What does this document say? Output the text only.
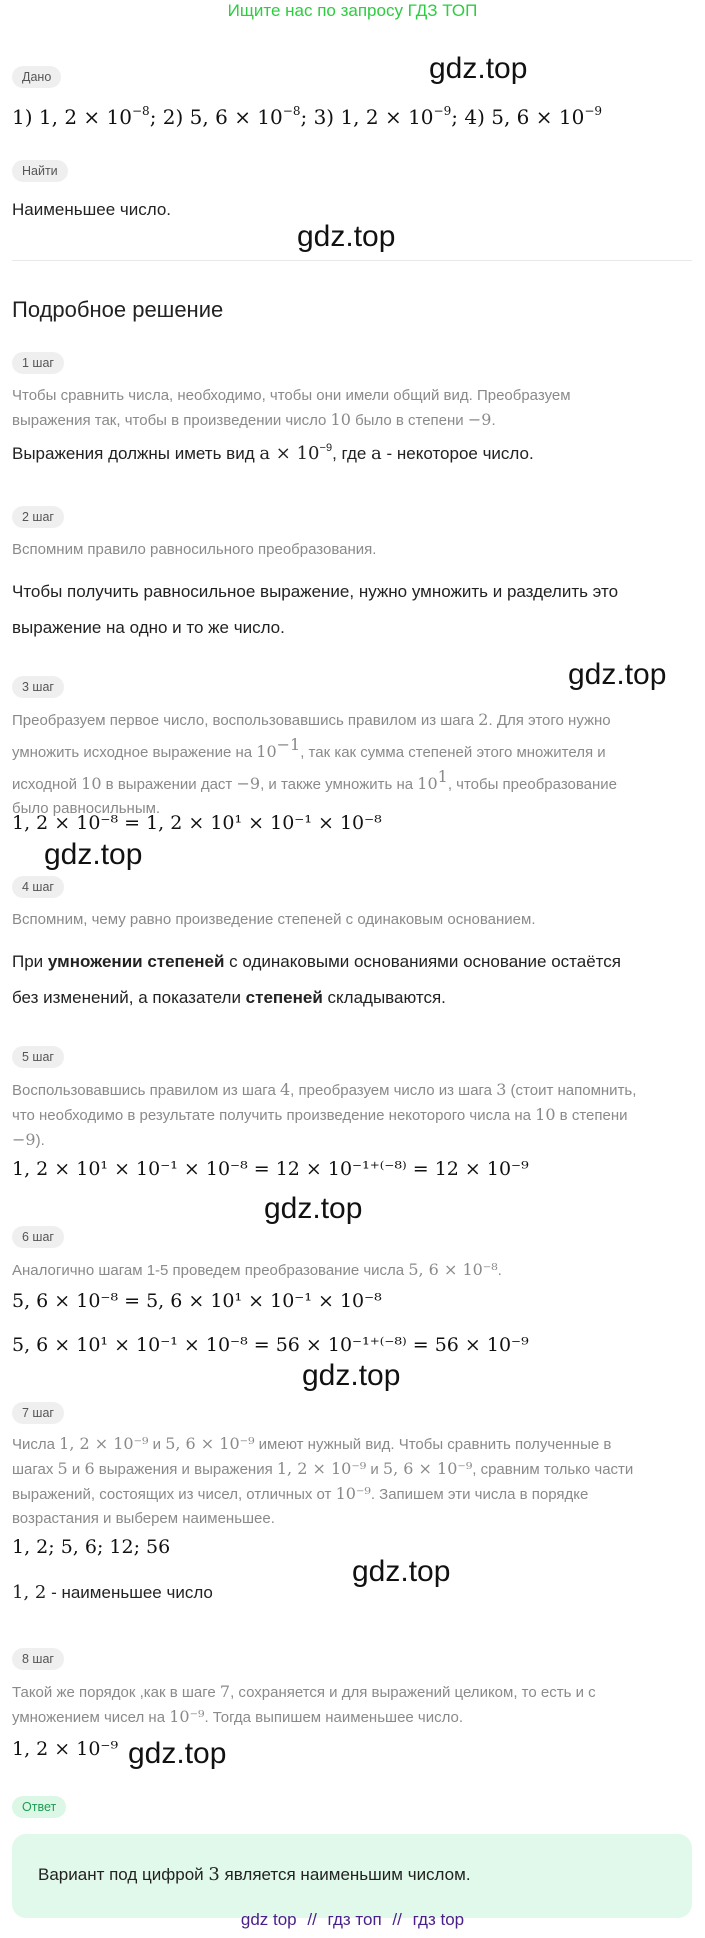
Ищите нас по запросу ГДЗ ТОП
gdz.top
gdz.top
gdz.top
gdz.top
gdz.top
gdz.top
gdz.top
gdz.top
Дано
1) 1, $2 \times 10^{-8}$; 2) 5, $6 \times 10^{-8}$; 3) 1, $2 \times 10^{-9}$; 4) 5, $6 \times 10^{-9}$
Найти
Наименьшее число.
Подробное решение
1 шаг
Чтобы сравнить числа, необходимо, чтобы они имели общий вид. Преобразуем
выражения так, чтобы в произведении число 10 было в степени −9.
Выражения должны иметь вид $a \times 10^{-9}$, где a - некоторое число.
2 шаг
Вспомним правило равносильного преобразования.
Чтобы получить равносильное выражение, нужно умножить и разделить это
выражение на одно и то же число.
3 шаг
Преобразуем первое число, воспользовавшись правилом из шага 2. Для этого нужно
умножить исходное выражение на $10^{-1}$, так как сумма степеней этого множителя и
исходной 10 в выражении даст −9, и также умножить на $10^1$, чтобы преобразование
было равносильным.
1, 2 × 10⁻⁸ = 1, 2 × 10¹ × 10⁻¹ × 10⁻⁸
4 шаг
Вспомним, чему равно произведение степеней с одинаковым основанием.
При умножении степеней с одинаковыми основаниями основание остаётся
без изменений, а показатели степеней складываются.
5 шаг
Воспользовавшись правилом из шага 4, преобразуем число из шага 3 (стоит напомнить,
что необходимо в результате получить произведение некоторого числа на 10 в степени
−9).
1, 2 × 10¹ × 10⁻¹ × 10⁻⁸ = 12 × 10⁻¹⁺⁽⁻⁸⁾ = 12 × 10⁻⁹
6 шаг
Аналогично шагам 1-5 проведем преобразование числа 5, 6 × 10⁻⁸.
5, 6 × 10⁻⁸ = 5, 6 × 10¹ × 10⁻¹ × 10⁻⁸
5, 6 × 10¹ × 10⁻¹ × 10⁻⁸ = 56 × 10⁻¹⁺⁽⁻⁸⁾ = 56 × 10⁻⁹
7 шаг
Числа 1, 2 × 10⁻⁹ и 5, 6 × 10⁻⁹ имеют нужный вид. Чтобы сравнить полученные в
шагах 5 и 6 выражения и выражения 1, 2 × 10⁻⁹ и 5, 6 × 10⁻⁹, сравним только части
выражений, состоящих из чисел, отличных от 10⁻⁹. Запишем эти числа в порядке
возрастания и выберем наименьшее.
1, 2; 5, 6; 12; 56
1, 2 - наименьшее число
8 шаг
Такой же порядок ,как в шаге 7, сохраняется и для выражений целиком, то есть и с
умножением чисел на 10⁻⁹. Тогда выпишем наименьшее число.
1, 2 × 10⁻⁹
Ответ
Вариант под цифрой 3 является наименьшим числом.
gdz top // гдз топ // гдз top
